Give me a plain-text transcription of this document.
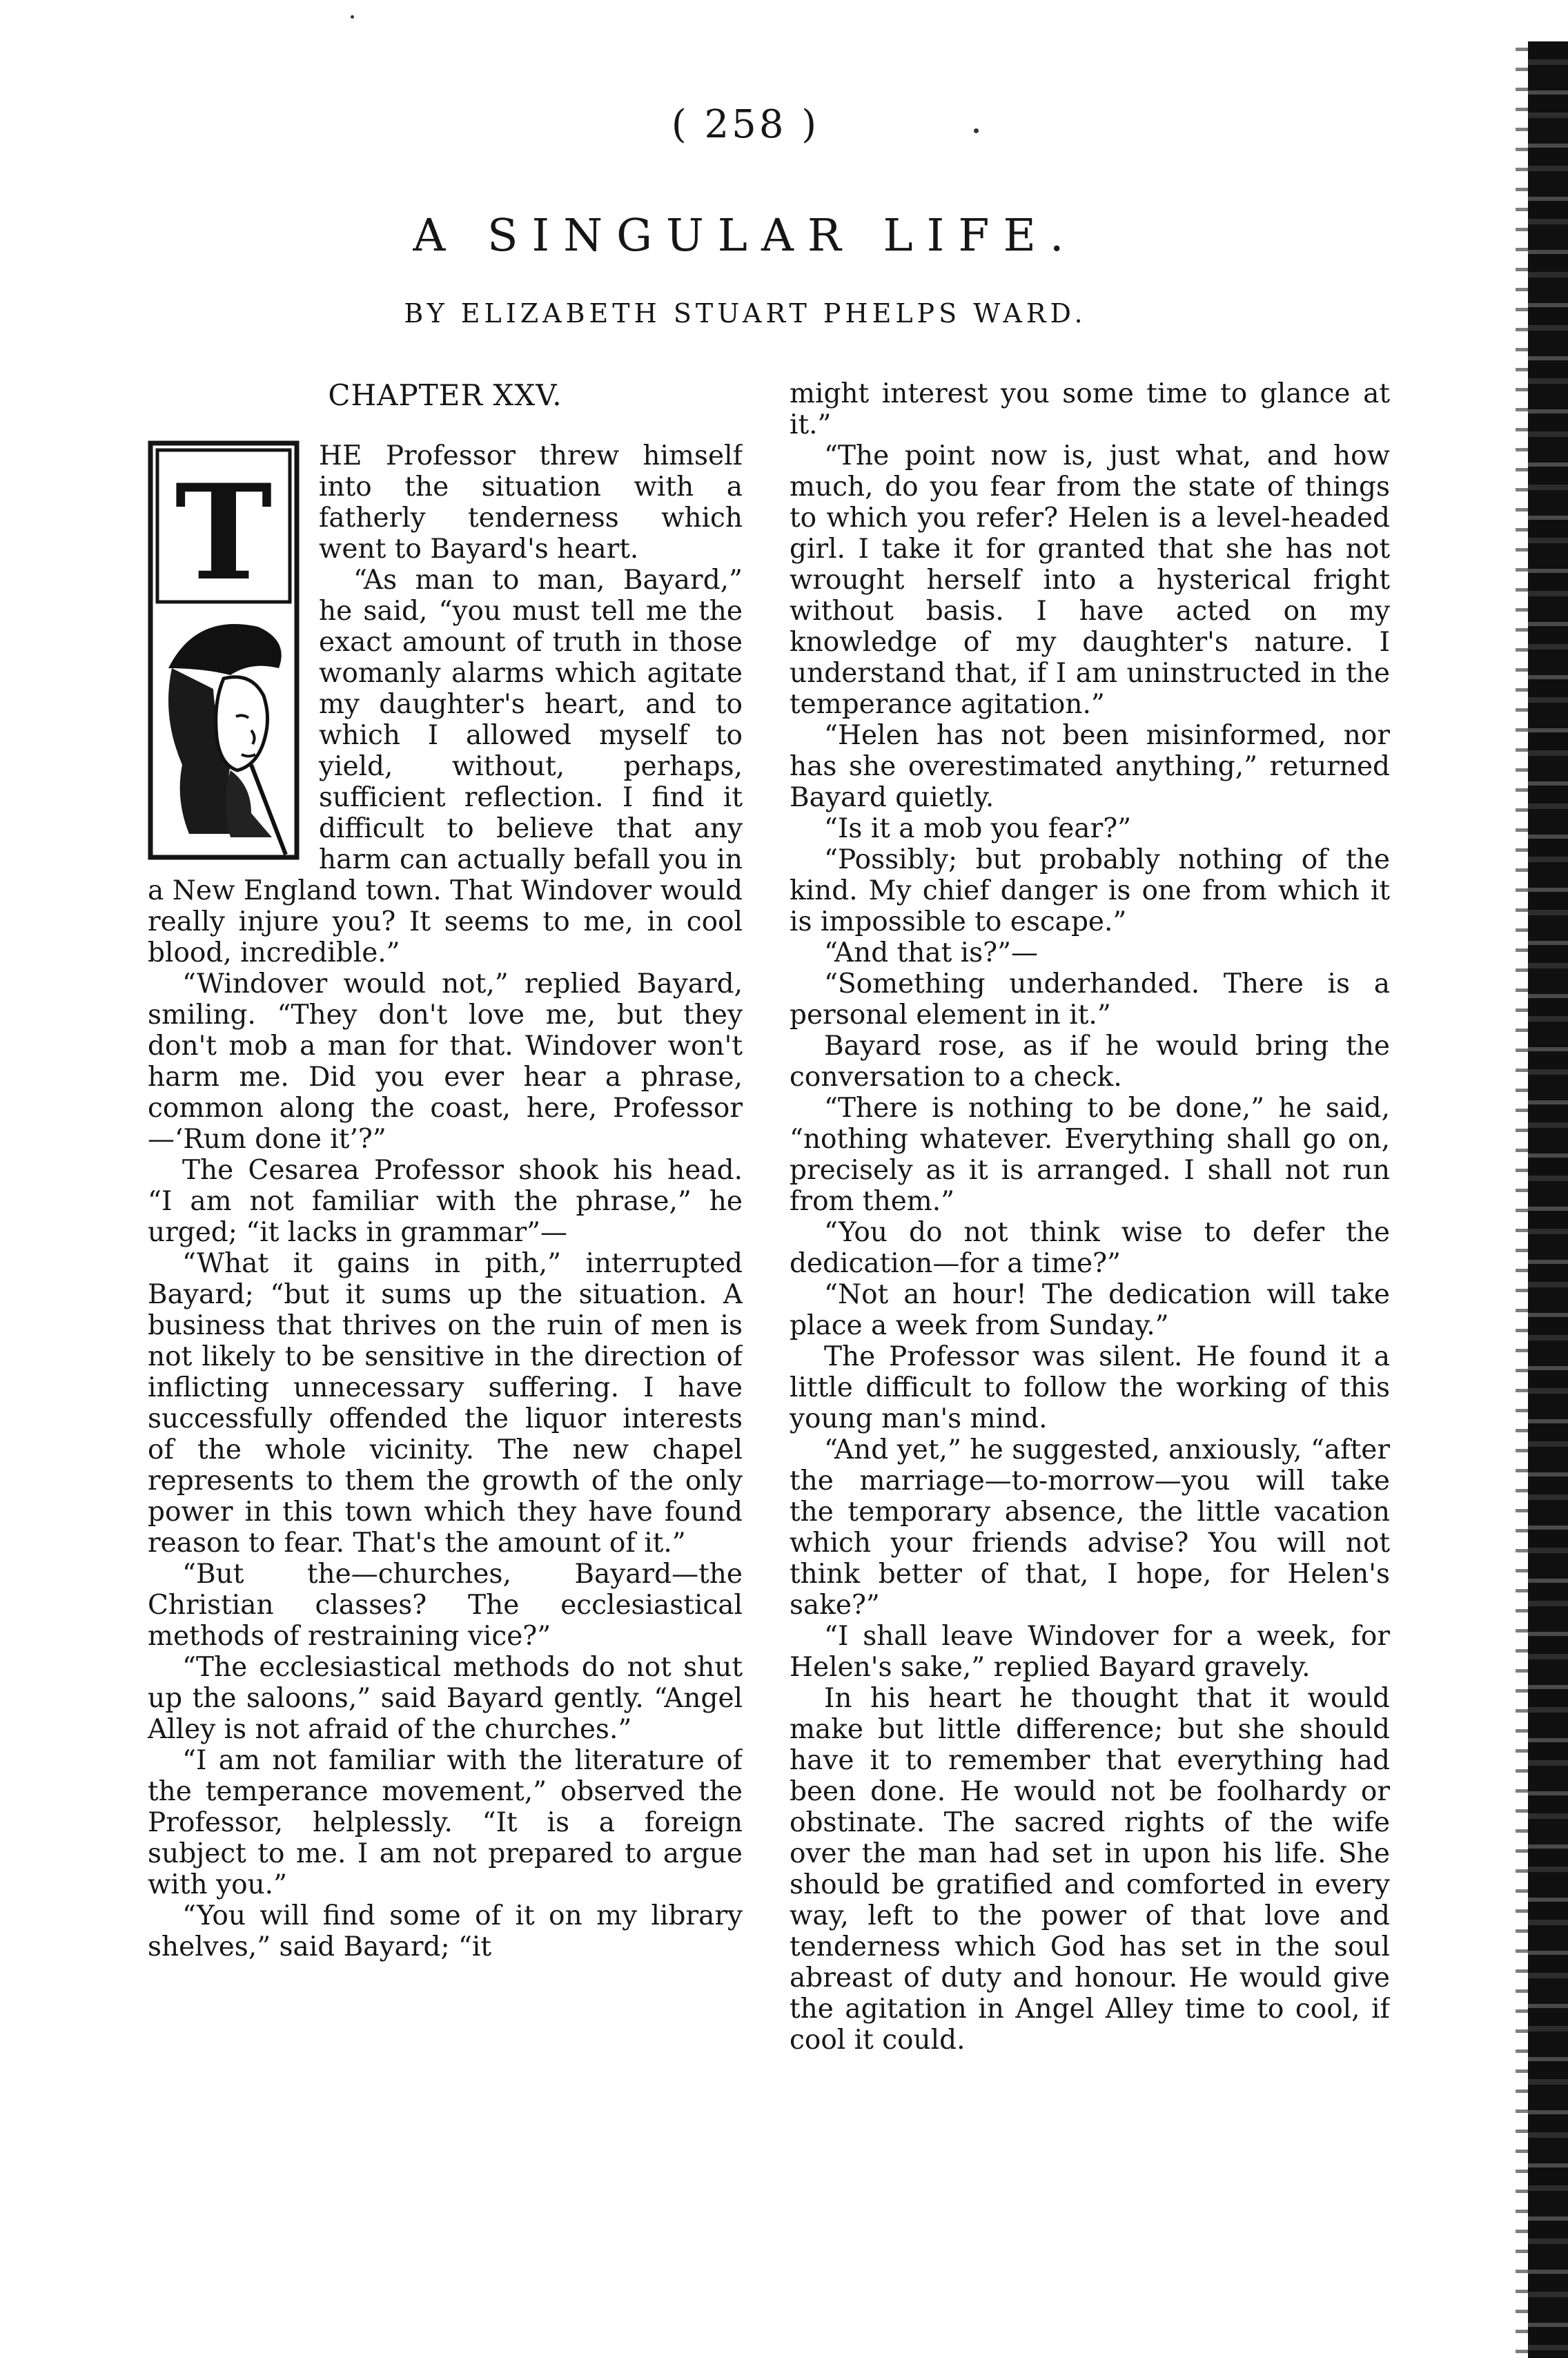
( 258 )
A SINGULAR LIFE.
BY ELIZABETH STUART PHELPS WARD.
CHAPTER XXV.
T	HE Professor threw himself into the situation with a fatherly tenderness which went to Bayard's heart.

“As man to man, Bayard,” he said, “you must tell me the exact amount of truth in those womanly alarms which agitate my daughter's heart, and to which I allowed myself to yield, without, perhaps, sufficient reflection. I find it difficult to believe that any harm can actually befall you in a New England town. That Windover would really injure you? It seems to me, in cool blood, incredible.”

“Windover would not,” replied Bayard, smiling. “They don't love me, but they don't mob a man for that. Windover won't harm me. Did you ever hear a phrase, common along the coast, here, Professor—‘Rum done it’?”

The Cesarea Professor shook his head. “I am not familiar with the phrase,” he urged; “it lacks in grammar”—

“What it gains in pith,” interrupted Bayard; “but it sums up the situation. A business that thrives on the ruin of men is not likely to be sensitive in the direction of inflicting unnecessary suffering. I have successfully offended the liquor interests of the whole vicinity. The new chapel represents to them the growth of the only power in this town which they have found reason to fear. That's the amount of it.”

“But the—churches, Bayard—the Christian classes? The ecclesiastical methods of restraining vice?”

“The ecclesiastical methods do not shut up the saloons,” said Bayard gently. “Angel Alley is not afraid of the churches.”

“I am not familiar with the literature of the temperance movement,” observed the Professor, helplessly. “It is a foreign subject to me. I am not prepared to argue with you.”

“You will find some of it on my library shelves,” said Bayard; “it

might interest you some time to glance at it.”

“The point now is, just what, and how much, do you fear from the state of things to which you refer? Helen is a level-headed girl. I take it for granted that she has not wrought herself into a hysterical fright without basis. I have acted on my knowledge of my daughter's nature. I understand that, if I am uninstructed in the temperance agitation.”

“Helen has not been misinformed, nor has she overestimated anything,” returned Bayard quietly.

“Is it a mob you fear?”

“Possibly; but probably nothing of the kind. My chief danger is one from which it is impossible to escape.”

“And that is?”—

“Something underhanded. There is a personal element in it.”

Bayard rose, as if he would bring the conversation to a check.

“There is nothing to be done,” he said, “nothing whatever. Everything shall go on, precisely as it is arranged. I shall not run from them.”

“You do not think wise to defer the dedication—for a time?”

“Not an hour! The dedication will take place a week from Sunday.”

The Professor was silent. He found it a little difficult to follow the working of this young man's mind.

“And yet,” he suggested, anxiously, “after the marriage—to-morrow—you will take the temporary absence, the little vacation which your friends advise? You will not think better of that, I hope, for Helen's sake?”

“I shall leave Windover for a week, for Helen's sake,” replied Bayard gravely.

In his heart he thought that it would make but little difference; but she should have it to remember that everything had been done. He would not be foolhardy or obstinate. The sacred rights of the wife over the man had set in upon his life. She should be gratified and comforted in every way, left to the power of that love and tenderness which God has set in the soul abreast of duty and honour. He would give the agitation in Angel Alley time to cool, if cool it could.
